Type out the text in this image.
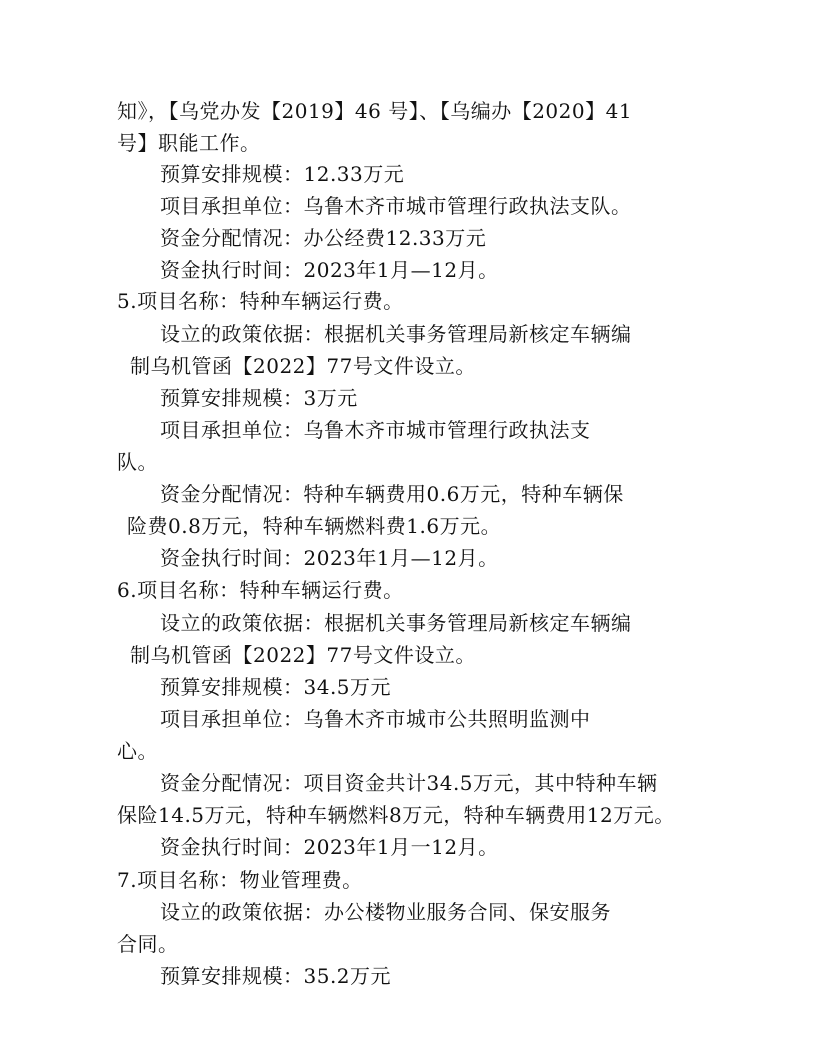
知》，【乌党办发【2019】46 号】、【乌编办【2020】41
号】职能工作。
预算安排规模：12.33万元
项目承担单位：乌鲁木齐市城市管理行政执法支队。
资金分配情况：办公经费12.33万元
资金执行时间：2023年1月—12月。
5.项目名称：特种车辆运行费。
设立的政策依据：根据机关事务管理局新核定车辆编
制乌机管函【2022】77号文件设立。
预算安排规模：3万元
项目承担单位：乌鲁木齐市城市管理行政执法支
队。
资金分配情况：特种车辆费用0.6万元，特种车辆保
险费0.8万元，特种车辆燃料费1.6万元。
资金执行时间：2023年1月—12月。
6.项目名称：特种车辆运行费。
设立的政策依据：根据机关事务管理局新核定车辆编
制乌机管函【2022】77号文件设立。
预算安排规模：34.5万元
项目承担单位：乌鲁木齐市城市公共照明监测中
心。
资金分配情况：项目资金共计34.5万元，其中特种车辆
保险14.5万元，特种车辆燃料8万元，特种车辆费用12万元。
资金执行时间：2023年1月一12月。
7.项目名称：物业管理费。
设立的政策依据：办公楼物业服务合同、保安服务
合同。
预算安排规模：35.2万元
